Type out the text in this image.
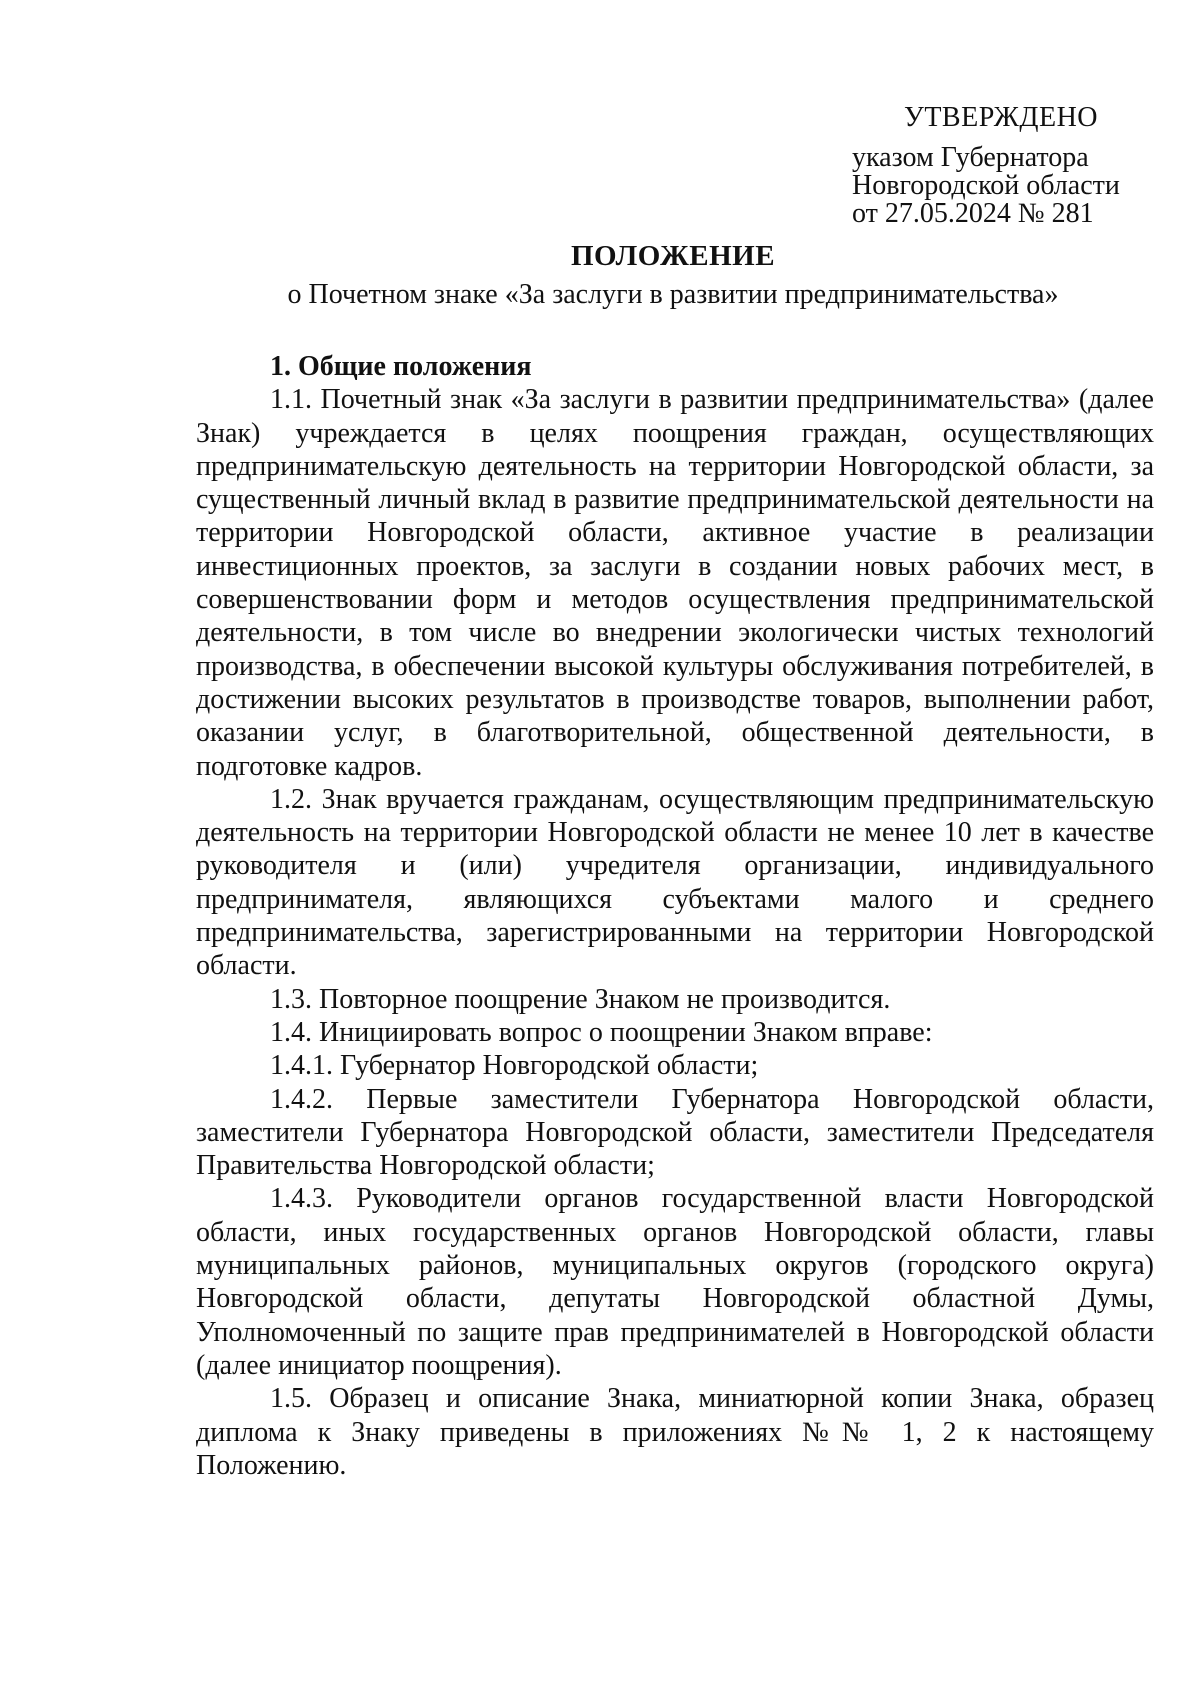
УТВЕРЖДЕНО
указом Губернатора
Новгородской области
от 27.05.2024 № 281
ПОЛОЖЕНИЕ
о Почетном знаке «За заслуги в развитии предпринимательства»

1. Общие положения

1.1. Почетный знак «За заслуги в развитии предпринимательства» (далее Знак) учреждается в целях поощрения граждан, осуществляющих предпринимательскую деятельность на территории Новгородской области, за существенный личный вклад в развитие предпринимательской деятельности на территории Новгородской области, активное участие в реализации инвестиционных проектов, за заслуги в создании новых рабочих мест, в совершенствовании форм и методов осуществления предпринимательской деятельности, в том числе во внедрении экологически чистых технологий производства, в обеспечении высокой культуры обслуживания потребителей, в достижении высоких результатов в производстве товаров, выполнении работ, оказании услуг, в благотворительной, общественной деятельности, в подготовке кадров.

1.2. Знак вручается гражданам, осуществляющим предпринимательскую деятельность на территории Новгородской области не менее 10 лет в качестве руководителя и (или) учредителя организации, индивидуального предпринимателя, являющихся субъектами малого и среднего предпринимательства, зарегистрированными на территории Новгородской области.

1.3. Повторное поощрение Знаком не производится.

1.4. Инициировать вопрос о поощрении Знаком вправе:

1.4.1. Губернатор Новгородской области;

1.4.2. Первые заместители Губернатора Новгородской области, заместители Губернатора Новгородской области, заместители Председателя Правительства Новгородской области;

1.4.3. Руководители органов государственной власти Новгородской области, иных государственных органов Новгородской области, главы муниципальных районов, муниципальных округов (городского округа) Новгородской области, депутаты Новгородской областной Думы, Уполномоченный по защите прав предпринимателей в Новгородской области (далее инициатор поощрения).

1.5. Образец и описание Знака, миниатюрной копии Знака, образец диплома к Знаку приведены в приложениях №№ 1, 2 к настоящему Положению.
